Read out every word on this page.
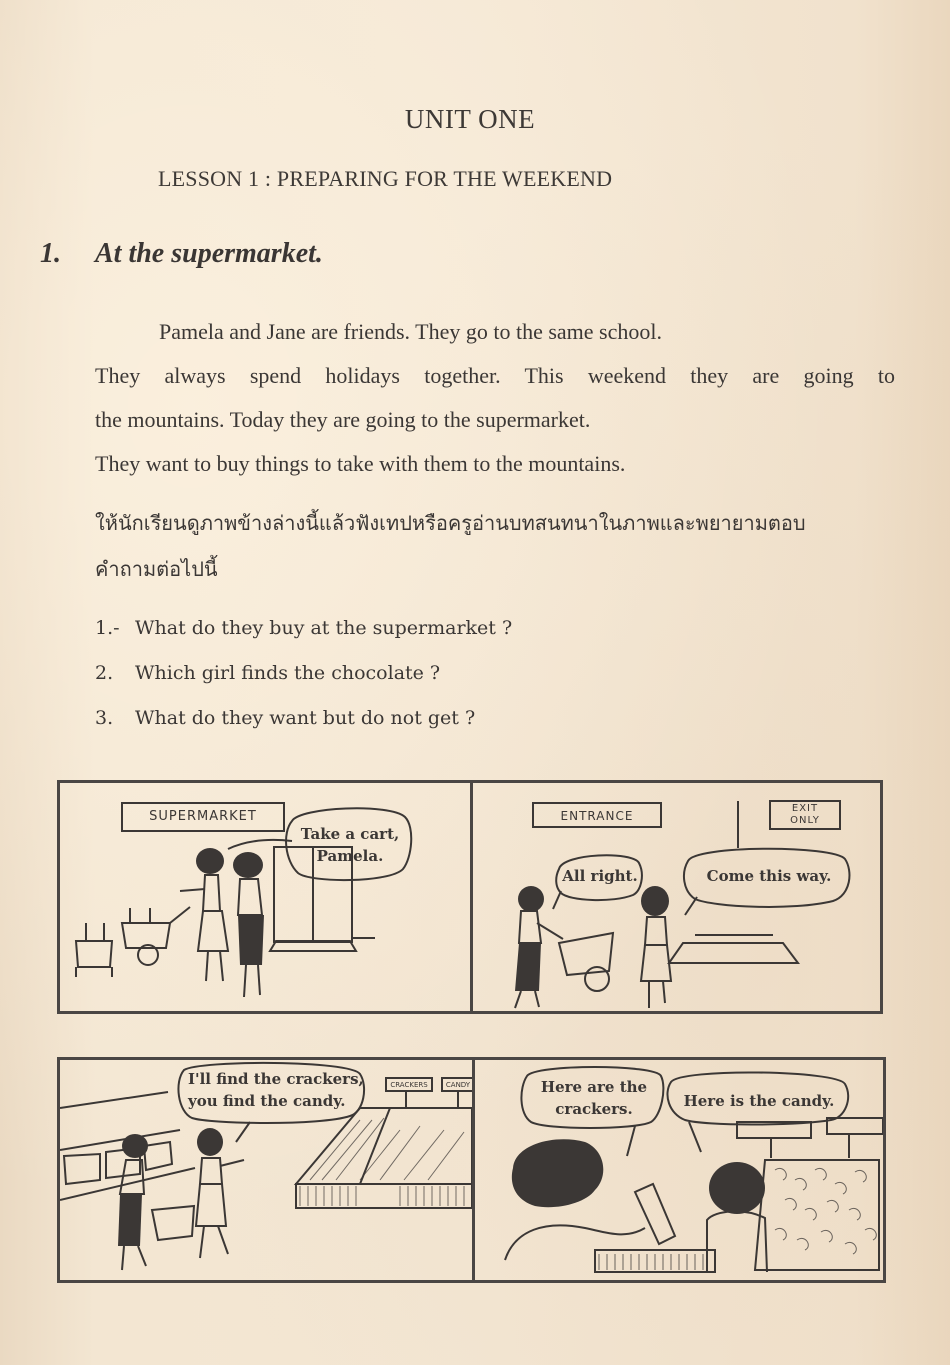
UNIT ONE
LESSON 1 : PREPARING FOR THE WEEKEND
1. At the supermarket.
Pamela and Jane are friends. They go to the same school.
They always spend holidays together. This weekend they are going to
the mountains. Today they are going to the supermarket.
They want to buy things to take with them to the mountains.
ให้นักเรียนดูภาพข้างล่างนี้แล้วฟังเทปหรือครูอ่านบทสนทนาในภาพและพยายามตอบ
คำถามต่อไปนี้
1.- What do they buy at the supermarket ?
2. Which girl finds the chocolate ?
3. What do they want but do not get ?
SUPERMARKET
Take a cart,
Pamela.
ENTRANCE
EXIT
ONLY
All right.	Come this way.
I'll find the crackers,
you find the candy.
CRACKERS	CANDY	Here are the
crackers.	Here is the candy.
